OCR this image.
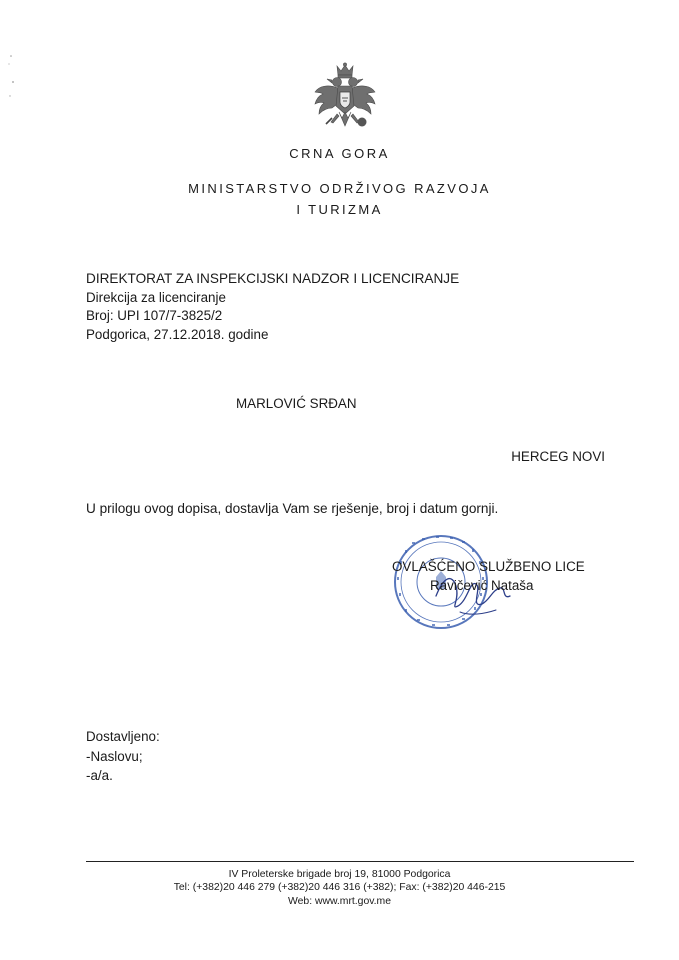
CRNA GORA
MINISTARSTVO ODRŽIVOG RAZVOJA
I TURIZMA
DIREKTORAT ZA INSPEKCIJSKI NADZOR I LICENCIRANJE
Direkcija za licenciranje
Broj: UPI 107/7-3825/2
Podgorica, 27.12.2018. godine
MARLOVIĆ SRĐAN
HERCEG NOVI
U prilogu ovog dopisa, dostavlja Vam se rješenje, broj i datum gornji.
OVLAŠĆENO SLUŽBENO LICE
Ravičević Nataša
Dostavljeno:
-Naslovu;
-a/a.
IV Proleterske brigade broj 19, 81000 Podgorica
Tel: (+382)20 446 279 (+382)20 446 316 (+382); Fax: (+382)20 446-215
Web: www.mrt.gov.me
